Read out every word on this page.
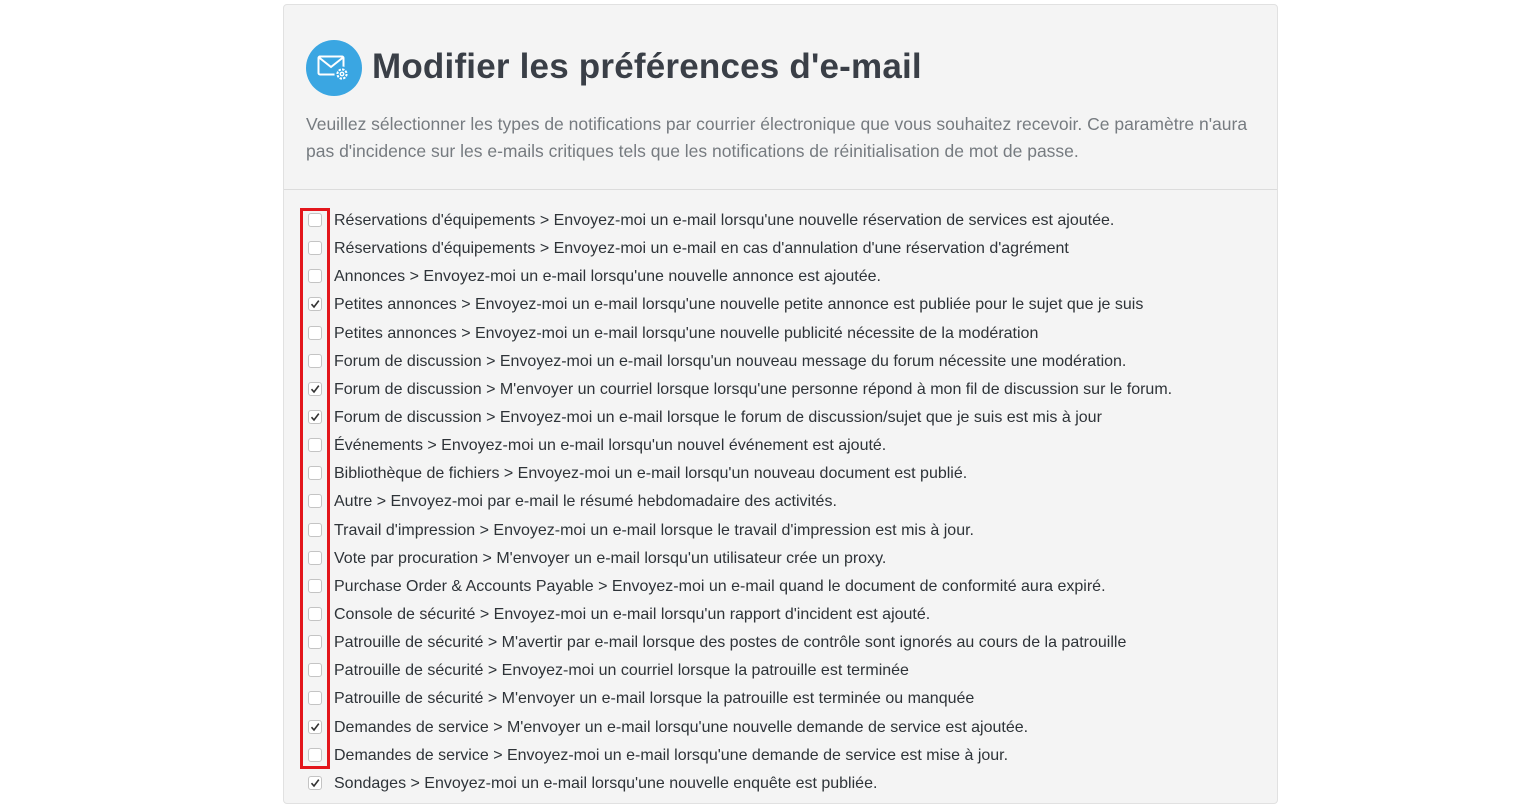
Modifier les préférences d'e-mail

Veuillez sélectionner les types de notifications par courrier électronique que vous souhaitez recevoir. Ce paramètre n'aura pas d'incidence sur les e-mails critiques tels que les notifications de réinitialisation de mot de passe.

Réservations d'équipements > Envoyez-moi un e-mail lorsqu'une nouvelle réservation de services est ajoutée.
Réservations d'équipements > Envoyez-moi un e-mail en cas d'annulation d'une réservation d'agrément
Annonces > Envoyez-moi un e-mail lorsqu'une nouvelle annonce est ajoutée.
Petites annonces > Envoyez-moi un e-mail lorsqu'une nouvelle petite annonce est publiée pour le sujet que je suis
Petites annonces > Envoyez-moi un e-mail lorsqu'une nouvelle publicité nécessite de la modération
Forum de discussion > Envoyez-moi un e-mail lorsqu'un nouveau message du forum nécessite une modération.
Forum de discussion > M'envoyer un courriel lorsque lorsqu'une personne répond à mon fil de discussion sur le forum.
Forum de discussion > Envoyez-moi un e-mail lorsque le forum de discussion/sujet que je suis est mis à jour
Événements > Envoyez-moi un e-mail lorsqu'un nouvel événement est ajouté.
Bibliothèque de fichiers > Envoyez-moi un e-mail lorsqu'un nouveau document est publié.
Autre > Envoyez-moi par e-mail le résumé hebdomadaire des activités.
Travail d'impression > Envoyez-moi un e-mail lorsque le travail d'impression est mis à jour.
Vote par procuration > M'envoyer un e-mail lorsqu'un utilisateur crée un proxy.
Purchase Order & Accounts Payable > Envoyez-moi un e-mail quand le document de conformité aura expiré.
Console de sécurité > Envoyez-moi un e-mail lorsqu'un rapport d'incident est ajouté.
Patrouille de sécurité > M'avertir par e-mail lorsque des postes de contrôle sont ignorés au cours de la patrouille
Patrouille de sécurité > Envoyez-moi un courriel lorsque la patrouille est terminée
Patrouille de sécurité > M'envoyer un e-mail lorsque la patrouille est terminée ou manquée
Demandes de service > M'envoyer un e-mail lorsqu'une nouvelle demande de service est ajoutée.
Demandes de service > Envoyez-moi un e-mail lorsqu'une demande de service est mise à jour.
Sondages > Envoyez-moi un e-mail lorsqu'une nouvelle enquête est publiée.
